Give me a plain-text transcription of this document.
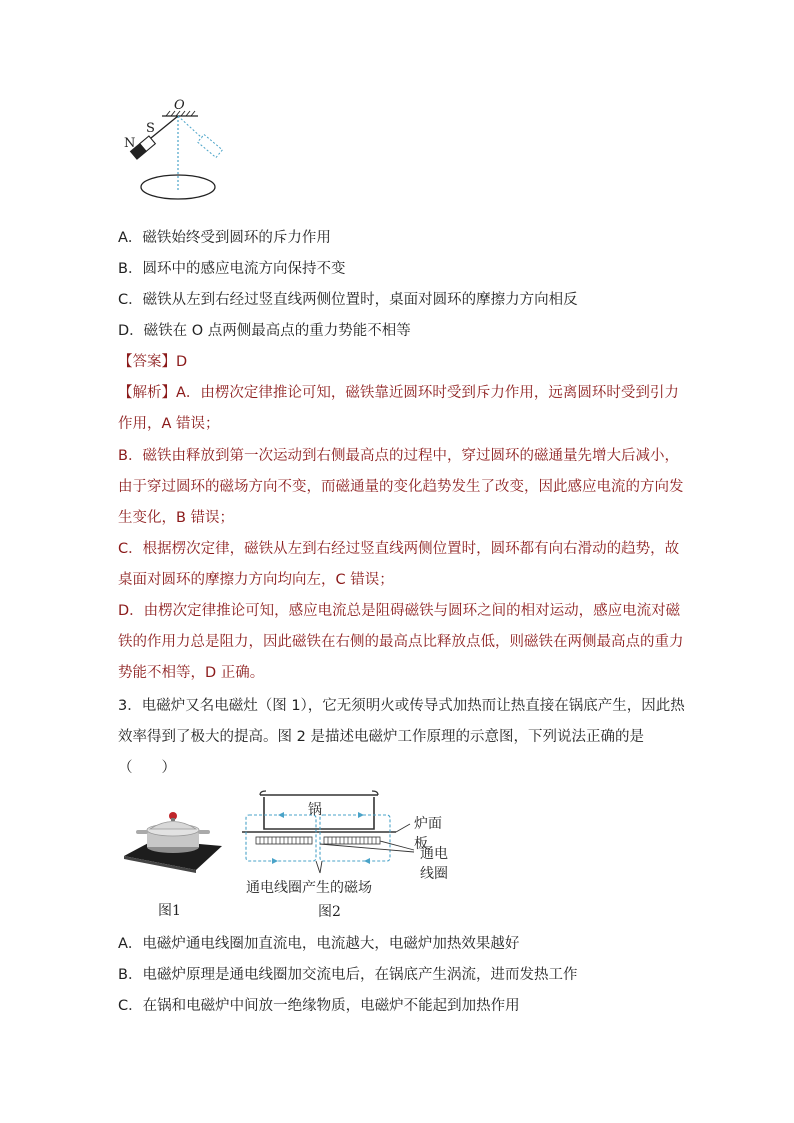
O
S
N
A．磁铁始终受到圆环的斥力作用
B．圆环中的感应电流方向保持不变
C．磁铁从左到右经过竖直线两侧位置时，桌面对圆环的摩擦力方向相反
D．磁铁在 O 点两侧最高点的重力势能不相等
【答案】D
【解析】A．由楞次定律推论可知，磁铁靠近圆环时受到斥力作用，远离圆环时受到引力
作用，A 错误；
B．磁铁由释放到第一次运动到右侧最高点的过程中，穿过圆环的磁通量先增大后减小，
由于穿过圆环的磁场方向不变，而磁通量的变化趋势发生了改变，因此感应电流的方向发
生变化，B 错误；
C．根据楞次定律，磁铁从左到右经过竖直线两侧位置时，圆环都有向右滑动的趋势，故
桌面对圆环的摩擦力方向均向左，C 错误；
D．由楞次定律推论可知，感应电流总是阻碍磁铁与圆环之间的相对运动，感应电流对磁
铁的作用力总是阻力，因此磁铁在右侧的最高点比释放点低，则磁铁在两侧最高点的重力
势能不相等，D 正确。
3．电磁炉又名电磁灶（图 1），它无须明火或传导式加热而让热直接在锅底产生，因此热
效率得到了极大的提高。图 2 是描述电磁炉工作原理的示意图，下列说法正确的是
（　　）
图1
锅
炉面板
通电
线圈
通电线圈产生的磁场
图2
A．电磁炉通电线圈加直流电，电流越大，电磁炉加热效果越好
B．电磁炉原理是通电线圈加交流电后，在锅底产生涡流，进而发热工作
C．在锅和电磁炉中间放一绝缘物质，电磁炉不能起到加热作用
